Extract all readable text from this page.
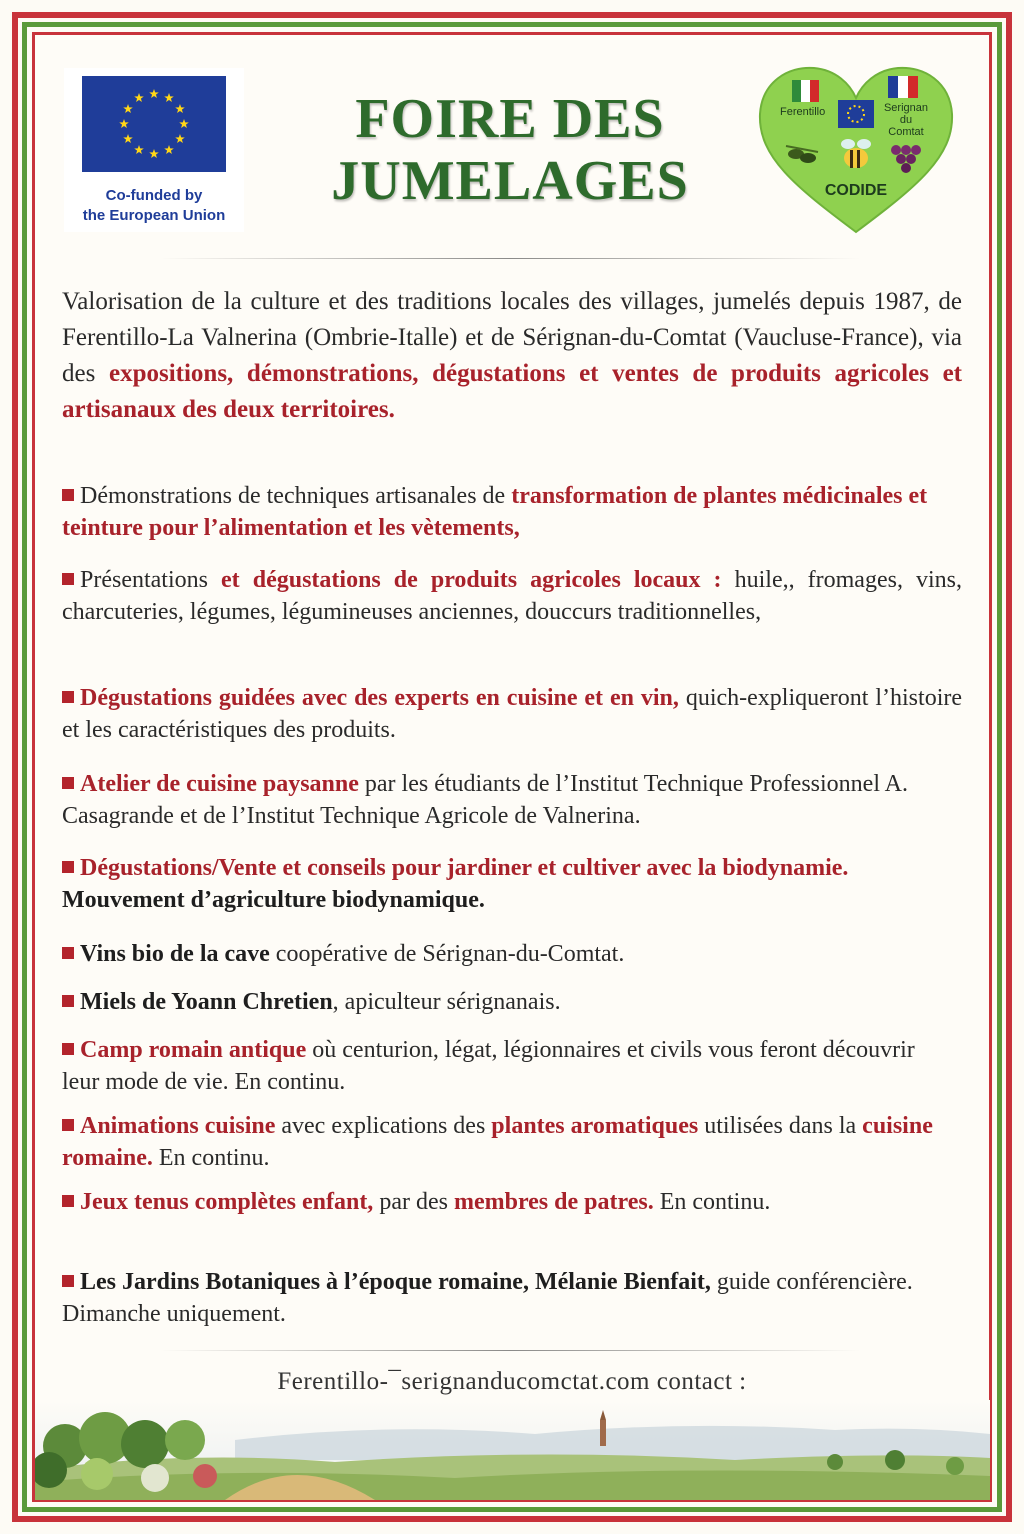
Co-funded by
the European Union
FOIRE DES
JUMELAGES
Ferentillo	Serignan
du Comtat
CODIDE
Valorisation de la culture et des traditions locales des villages, jumelés depuis 1987, de Ferentillo-La Valnerina (Ombrie-Italle) et de Sérignan-du-Comtat (Vaucluse-France), via des expositions, démonstrations, dégustations et ventes de produits agricoles et artisanaux des deux territoires.
Démonstrations de techniques artisanales de transformation de plantes médicinales et teinture pour l’alimentation et les vètements,
Présentations et dégustations de produits agricoles locaux : huile,, fromages, vins, charcuteries, légumes, légumineuses anciennes, douccurs traditionnelles,
Dégustations guidées avec des experts en cuisine et en vin, quich-expliqueront l’histoire et les caractéristiques des produits.
Atelier de cuisine paysanne par les étudiants de l’Institut Technique Professionnel A. Casagrande et de l’Institut Technique Agricole de Valnerina.
Dégustations/Vente et conseils pour jardiner et cultiver avec la biodynamie. Mouvement d’agriculture biodynamique.
Vins bio de la cave coopérative de Sérignan-du-Comtat.
Miels de Yoann Chretien, apiculteur sérignanais.
Camp romain antique où centurion, légat, légionnaires et civils vous feront découvrir leur mode de vie. En continu.
Animations cuisine avec explications des plantes aromatiques utilisées dans la cuisine romaine. En continu.
Jeux tenus complètes enfant, par des membres de patres. En continu.
Les Jardins Botaniques à l’époque romaine, Mélanie Bienfait, guide conférencière. Dimanche uniquement.
Ferentillo-¯serignanducomctat.com contact :
